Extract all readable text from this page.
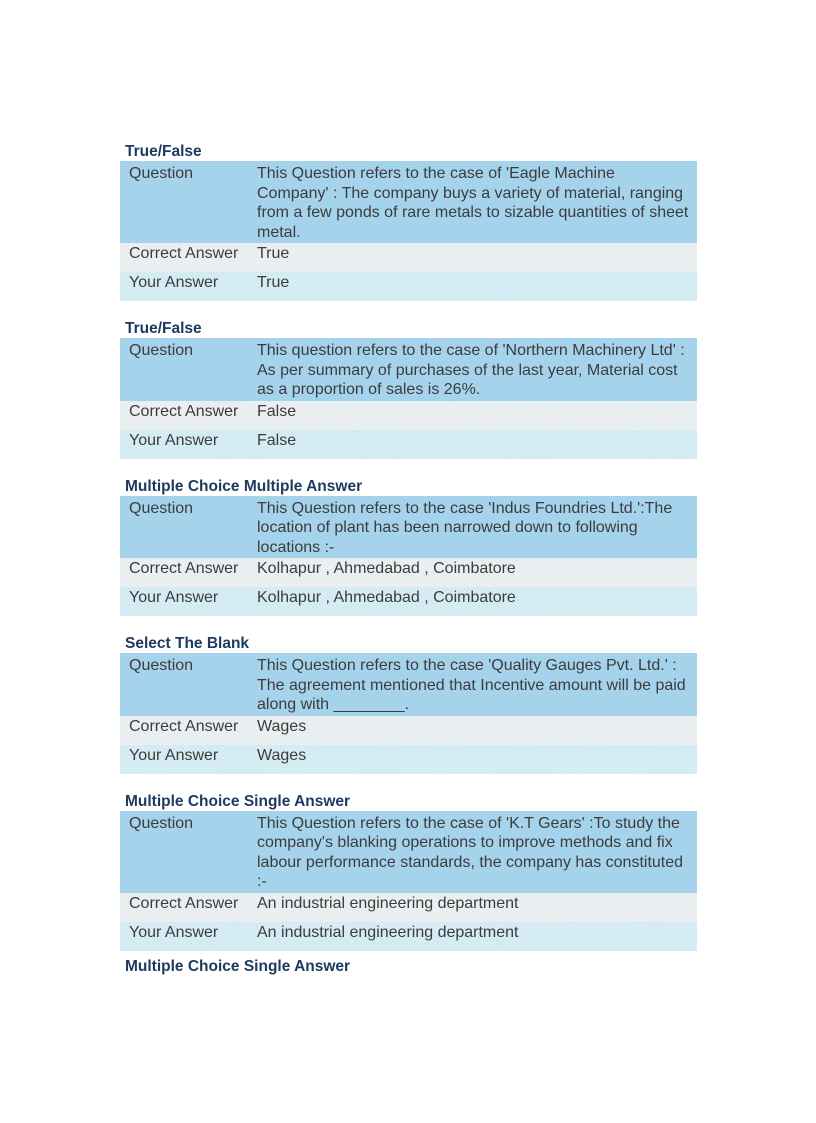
True/False
Question	This Question refers to the case of 'Eagle Machine Company' : The company buys a variety of material, ranging from a few ponds of rare metals to sizable quantities of sheet metal.
Correct Answer	True
Your Answer	True
True/False
Question	This question refers to the case of 'Northern Machinery Ltd' : As per summary of purchases of the last year, Material cost as a proportion of sales is 26%.
Correct Answer	False
Your Answer	False
Multiple Choice Multiple Answer
Question	This Question refers to the case 'Indus Foundries Ltd.':The location of plant has been narrowed down to following locations :-
Correct Answer	Kolhapur , Ahmedabad , Coimbatore
Your Answer	Kolhapur , Ahmedabad , Coimbatore
Select The Blank
Question	This Question refers to the case 'Quality Gauges Pvt. Ltd.' : The agreement mentioned that Incentive amount will be paid along with ________.
Correct Answer	Wages
Your Answer	Wages
Multiple Choice Single Answer
Question	This Question refers to the case of 'K.T Gears' :To study the company's blanking operations to improve methods and fix labour performance standards, the company has constituted :-
Correct Answer	An industrial engineering department
Your Answer	An industrial engineering department
Multiple Choice Single Answer
